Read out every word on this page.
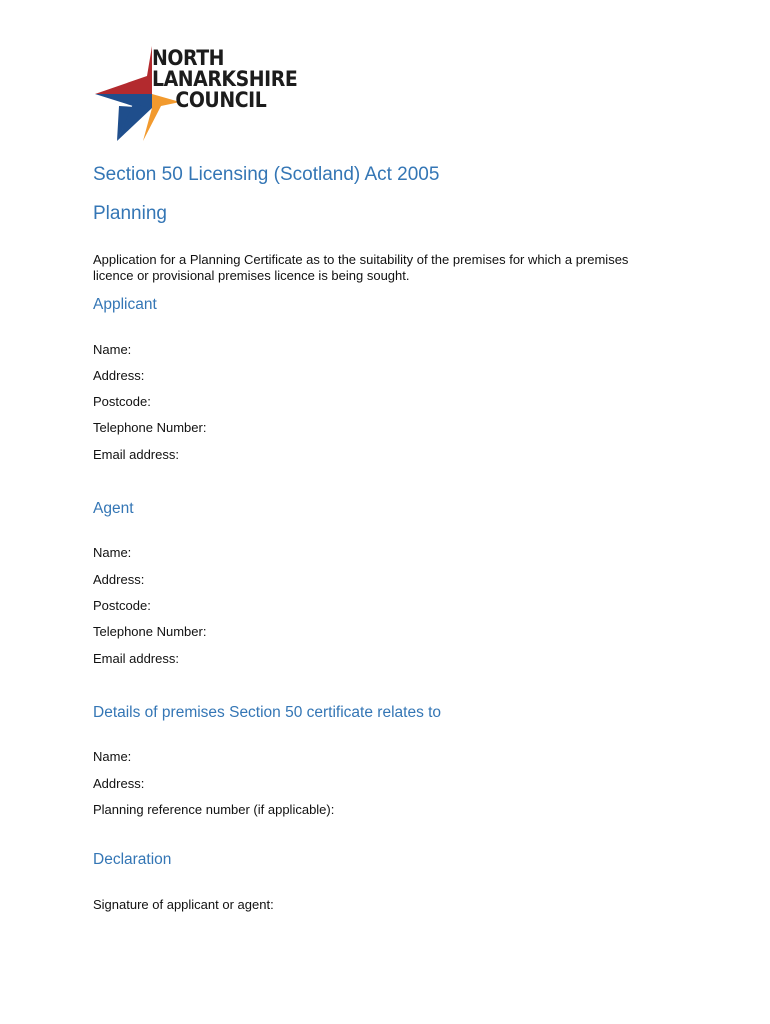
NORTH
LANARKSHIRE
COUNCIL
Section 50 Licensing (Scotland) Act 2005
Planning

Application for a Planning Certificate as to the suitability of the premises for which a premises licence or provisional premises licence is being sought.

Applicant

Name:

Address:

Postcode:

Telephone Number:

Email address:

Agent

Name:

Address:

Postcode:

Telephone Number:

Email address:

Details of premises Section 50 certificate relates to

Name:

Address:

Planning reference number (if applicable):

Declaration

Signature of applicant or agent:
